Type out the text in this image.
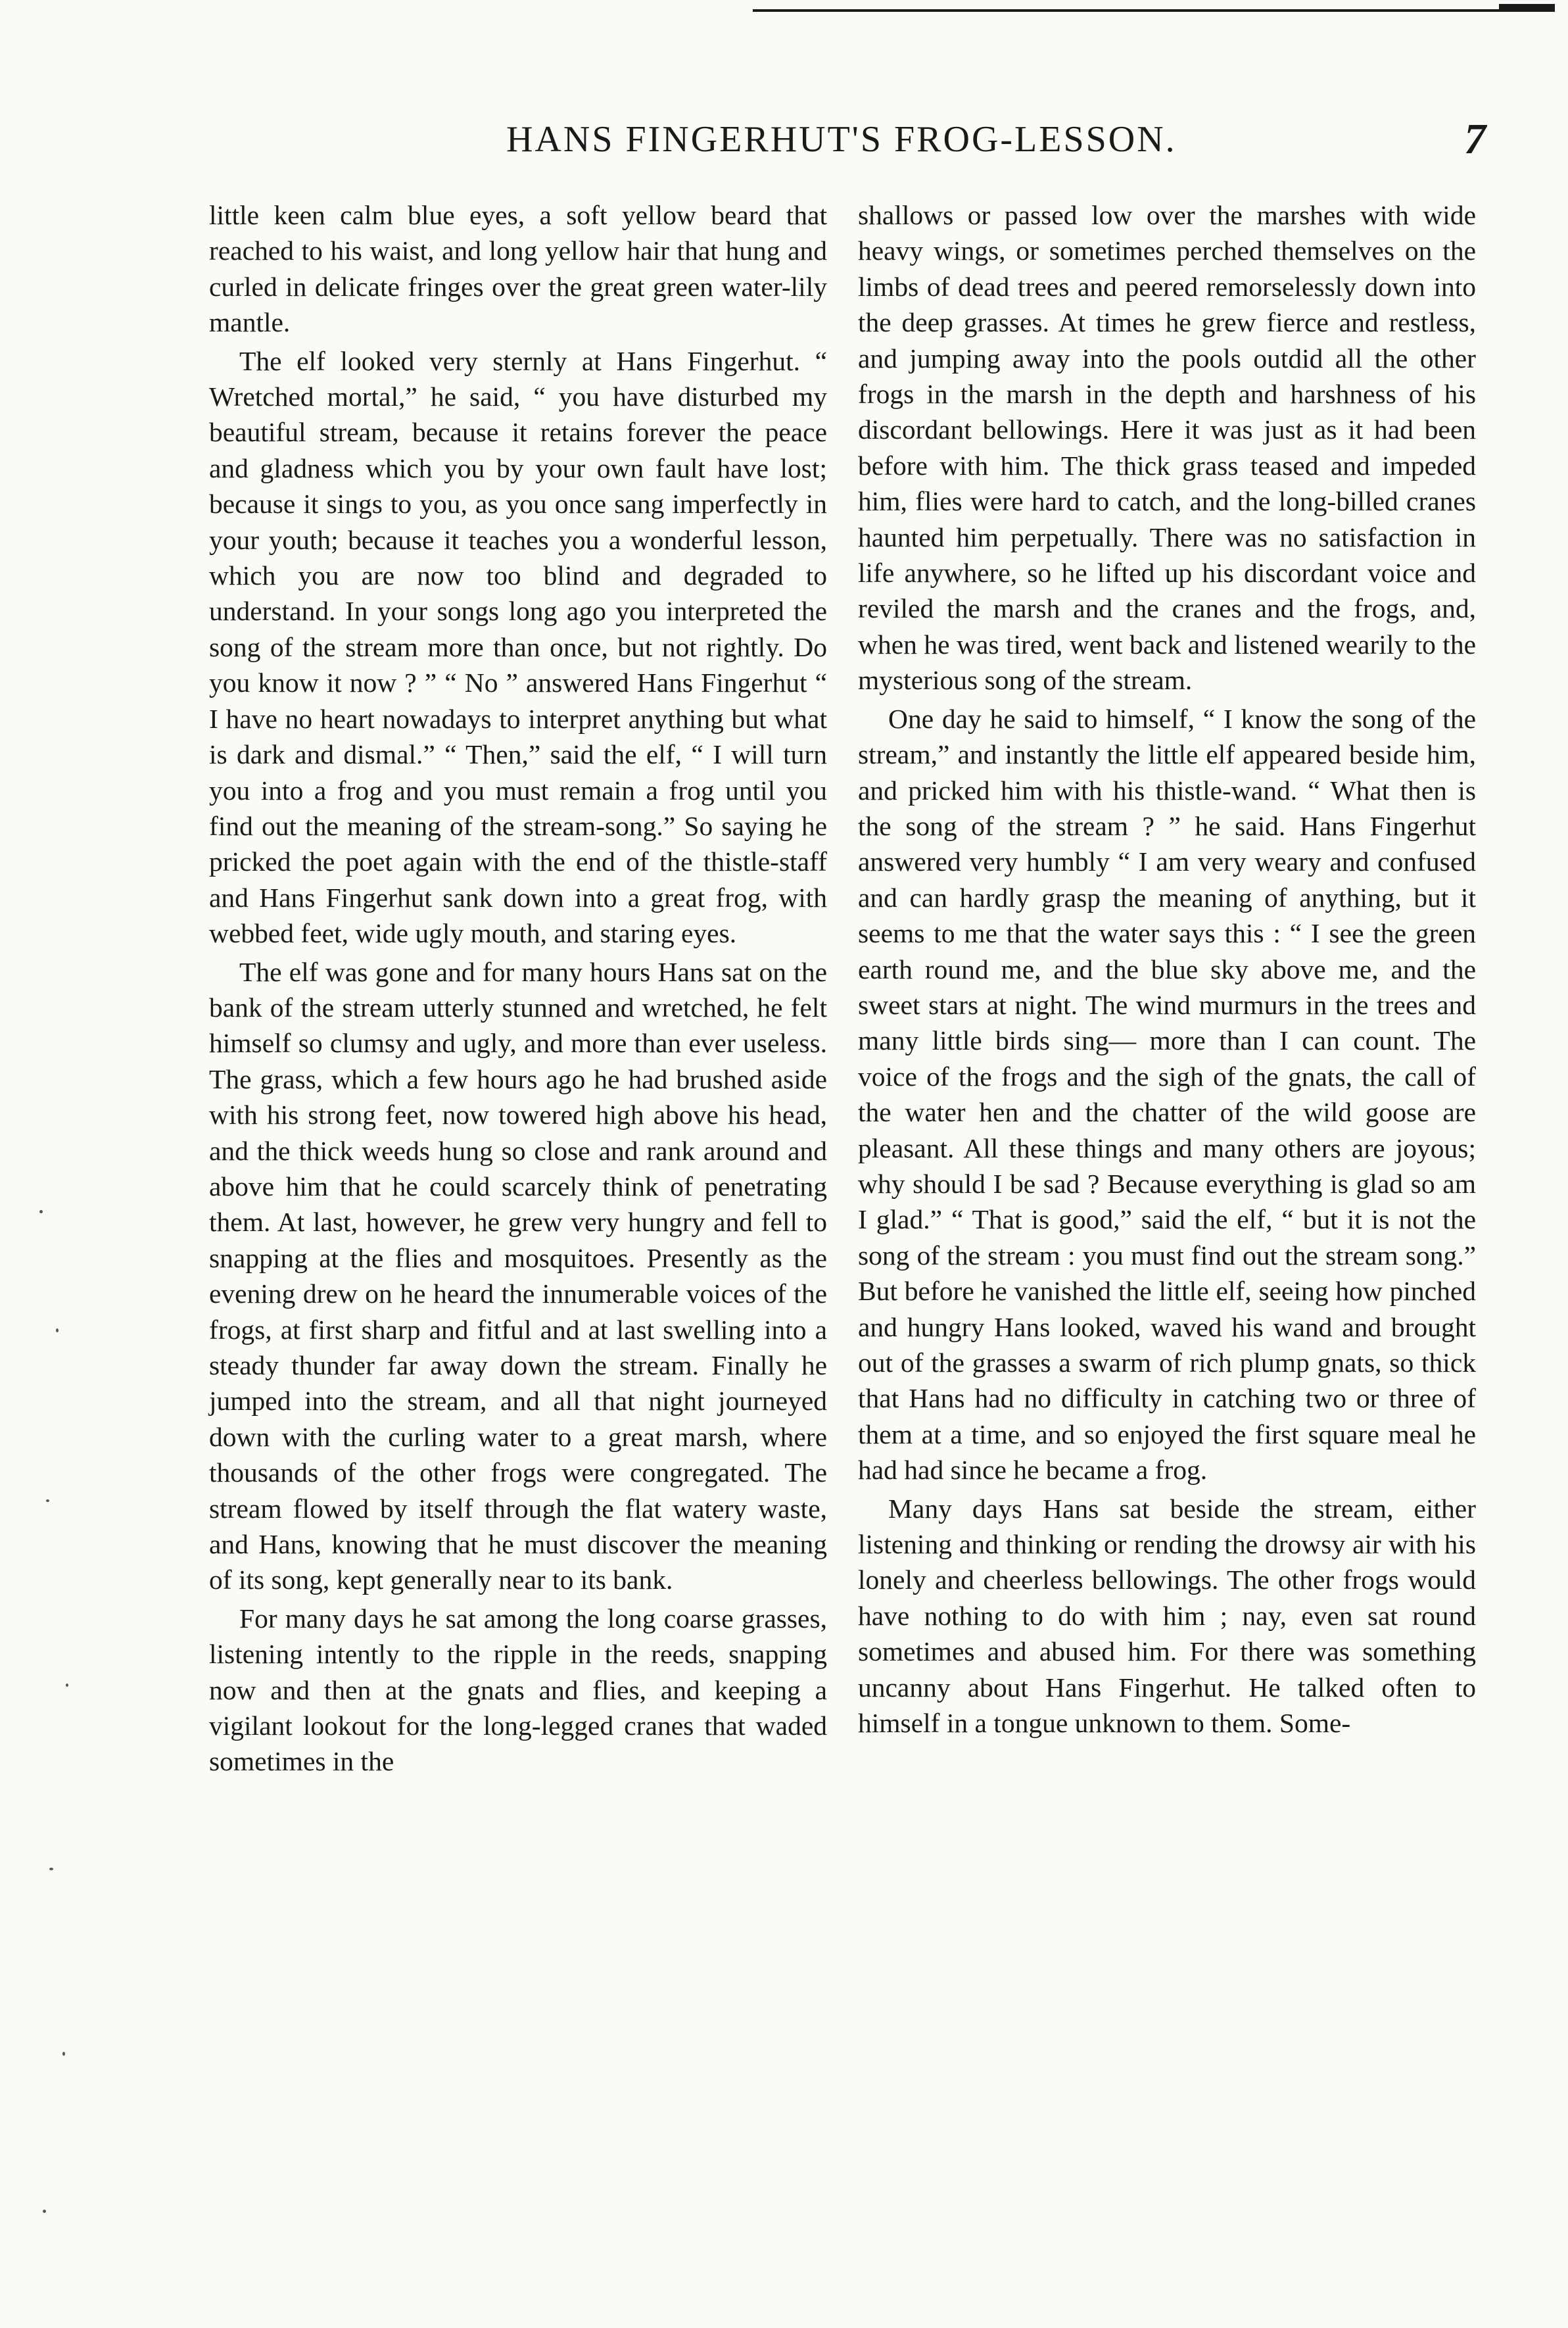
HANS FINGERHUT'S FROG-LESSON.	7

little keen calm blue eyes, a soft yellow beard that reached to his waist, and long yellow hair that hung and curled in delicate fringes over the great green water-lily mantle.

The elf looked very sternly at Hans Fingerhut. “ Wretched mortal,” he said, “ you have disturbed my beautiful stream, because it retains forever the peace and gladness which you by your own fault have lost; because it sings to you, as you once sang imperfectly in your youth; because it teaches you a wonderful lesson, which you are now too blind and degraded to understand. In your songs long ago you interpreted the song of the stream more than once, but not rightly. Do you know it now ? ” “ No ” answered Hans Fingerhut “ I have no heart nowadays to interpret anything but what is dark and dismal.” “ Then,” said the elf, “ I will turn you into a frog and you must remain a frog until you find out the meaning of the stream-song.” So saying he pricked the poet again with the end of the thistle-staff and Hans Fingerhut sank down into a great frog, with webbed feet, wide ugly mouth, and staring eyes.

The elf was gone and for many hours Hans sat on the bank of the stream utterly stunned and wretched, he felt himself so clumsy and ugly, and more than ever useless. The grass, which a few hours ago he had brushed aside with his strong feet, now towered high above his head, and the thick weeds hung so close and rank around and above him that he could scarcely think of penetrating them. At last, however, he grew very hungry and fell to snapping at the flies and mosquitoes. Presently as the evening drew on he heard the innumerable voices of the frogs, at first sharp and fitful and at last swelling into a steady thunder far away down the stream. Finally he jumped into the stream, and all that night journeyed down with the curling water to a great marsh, where thousands of the other frogs were congregated. The stream flowed by itself through the flat watery waste, and Hans, knowing that he must discover the meaning of its song, kept generally near to its bank.

For many days he sat among the long coarse grasses, listening intently to the ripple in the reeds, snapping now and then at the gnats and flies, and keeping a vigilant lookout for the long-legged cranes that waded sometimes in the

shallows or passed low over the marshes with wide heavy wings, or sometimes perched themselves on the limbs of dead trees and peered remorselessly down into the deep grasses. At times he grew fierce and restless, and jumping away into the pools outdid all the other frogs in the marsh in the depth and harshness of his discordant bellowings. Here it was just as it had been before with him. The thick grass teased and impeded him, flies were hard to catch, and the long-billed cranes haunted him perpetually. There was no satisfaction in life anywhere, so he lifted up his discordant voice and reviled the marsh and the cranes and the frogs, and, when he was tired, went back and listened wearily to the mysterious song of the stream.

One day he said to himself, “ I know the song of the stream,” and instantly the little elf appeared beside him, and pricked him with his thistle-wand. “ What then is the song of the stream ? ” he said. Hans Fingerhut answered very humbly “ I am very weary and confused and can hardly grasp the meaning of anything, but it seems to me that the water says this : “ I see the green earth round me, and the blue sky above me, and the sweet stars at night. The wind murmurs in the trees and many little birds sing— more than I can count. The voice of the frogs and the sigh of the gnats, the call of the water hen and the chatter of the wild goose are pleasant. All these things and many others are joyous; why should I be sad ? Because everything is glad so am I glad.” “ That is good,” said the elf, “ but it is not the song of the stream : you must find out the stream song.” But before he vanished the little elf, seeing how pinched and hungry Hans looked, waved his wand and brought out of the grasses a swarm of rich plump gnats, so thick that Hans had no difficulty in catching two or three of them at a time, and so enjoyed the first square meal he had had since he became a frog.

Many days Hans sat beside the stream, either listening and thinking or rending the drowsy air with his lonely and cheerless bellowings. The other frogs would have nothing to do with him ; nay, even sat round sometimes and abused him. For there was something uncanny about Hans Fingerhut. He talked often to himself in a tongue unknown to them. Some-
